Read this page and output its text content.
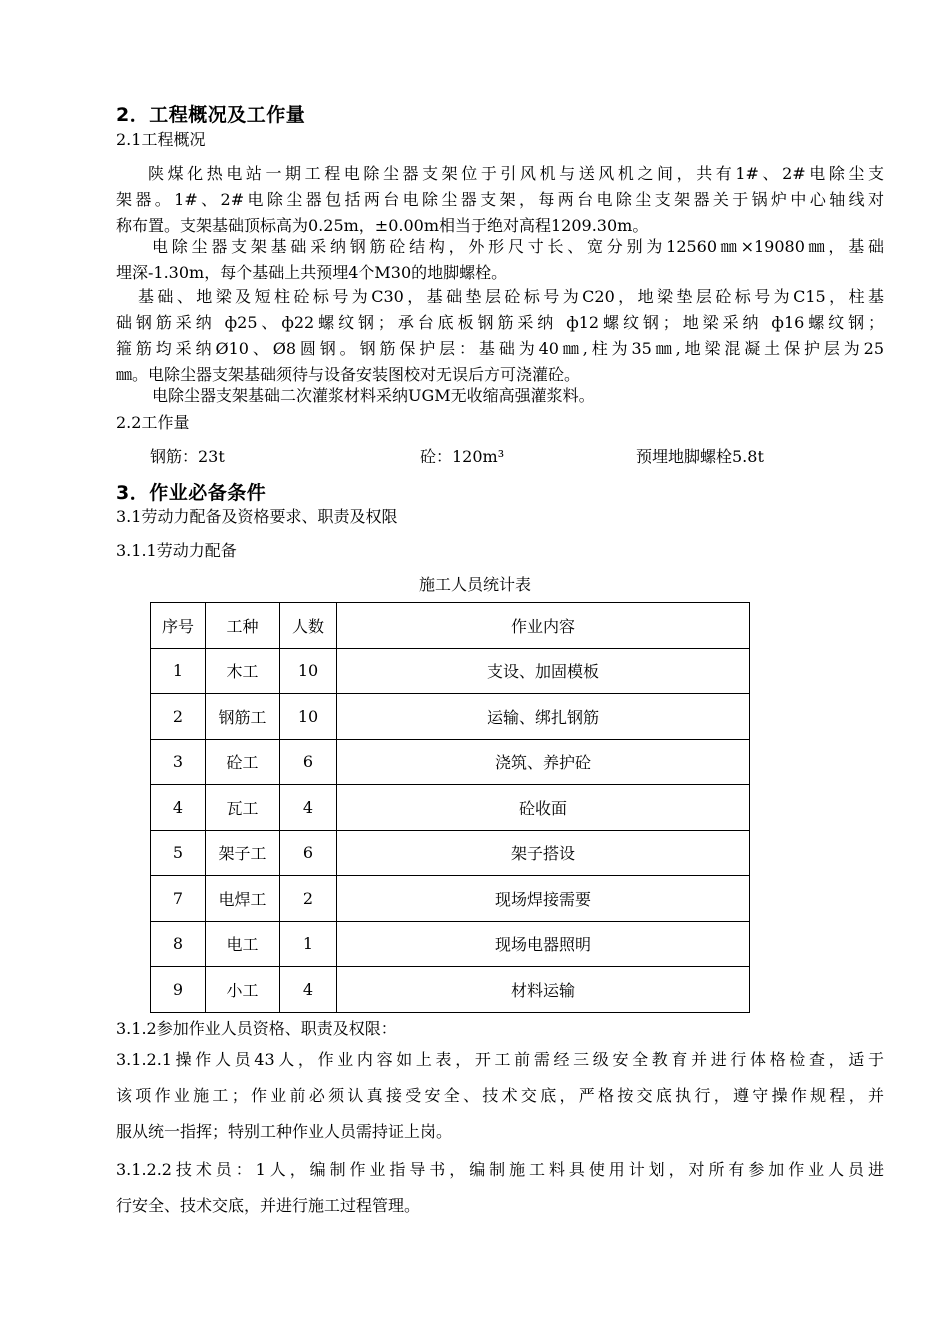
2．工程概况及工作量
2.1工程概况
陕煤化热电站一期工程电除尘器支架位于引风机与送风机之间，共有1#、2#电除尘支
架器。1#、2#电除尘器包括两台电除尘器支架，每两台电除尘支架器关于锅炉中心轴线对
称布置。支架基础顶标高为0.25m，±0.00m相当于绝对高程1209.30m。
电除尘器支架基础采纳钢筋砼结构，外形尺寸长、宽分别为12560㎜×19080㎜，基础
埋深-1.30m，每个基础上共预埋4个M30的地脚螺栓。
基础、地梁及短柱砼标号为C30，基础垫层砼标号为C20，地梁垫层砼标号为C15，柱基
础钢筋采纳 ф25、ф22螺纹钢；承台底板钢筋采纳 ф12螺纹钢；地梁采纳 ф16螺纹钢；
箍筋均采纳Ø10、Ø8圆钢。钢筋保护层：基础为40㎜,柱为35㎜,地梁混凝土保护层为25
㎜。电除尘器支架基础须待与设备安装图校对无误后方可浇灌砼。
电除尘器支架基础二次灌浆材料采纳UGM无收缩高强灌浆料。
2.2工作量
钢筋：23t	砼：120m³	预埋地脚螺栓5.8t
3．作业必备条件
3.1劳动力配备及资格要求、职责及权限
3.1.1劳动力配备
施工人员统计表
序号	工种	人数	作业内容
1	木工	10	支设、加固模板
2	钢筋工	10	运输、绑扎钢筋
3	砼工	6	浇筑、养护砼
4	瓦工	4	砼收面
5	架子工	6	架子搭设
7	电焊工	2	现场焊接需要
8	电工	1	现场电器照明
9	小工	4	材料运输
3.1.2参加作业人员资格、职责及权限：
3.1.2.1操作人员43人，作业内容如上表，开工前需经三级安全教育并进行体格检查，适于
该项作业施工；作业前必须认真接受安全、技术交底，严格按交底执行，遵守操作规程，并
服从统一指挥；特别工种作业人员需持证上岗。
3.1.2.2技术员：1人，编制作业指导书，编制施工料具使用计划，对所有参加作业人员进
行安全、技术交底，并进行施工过程管理。
